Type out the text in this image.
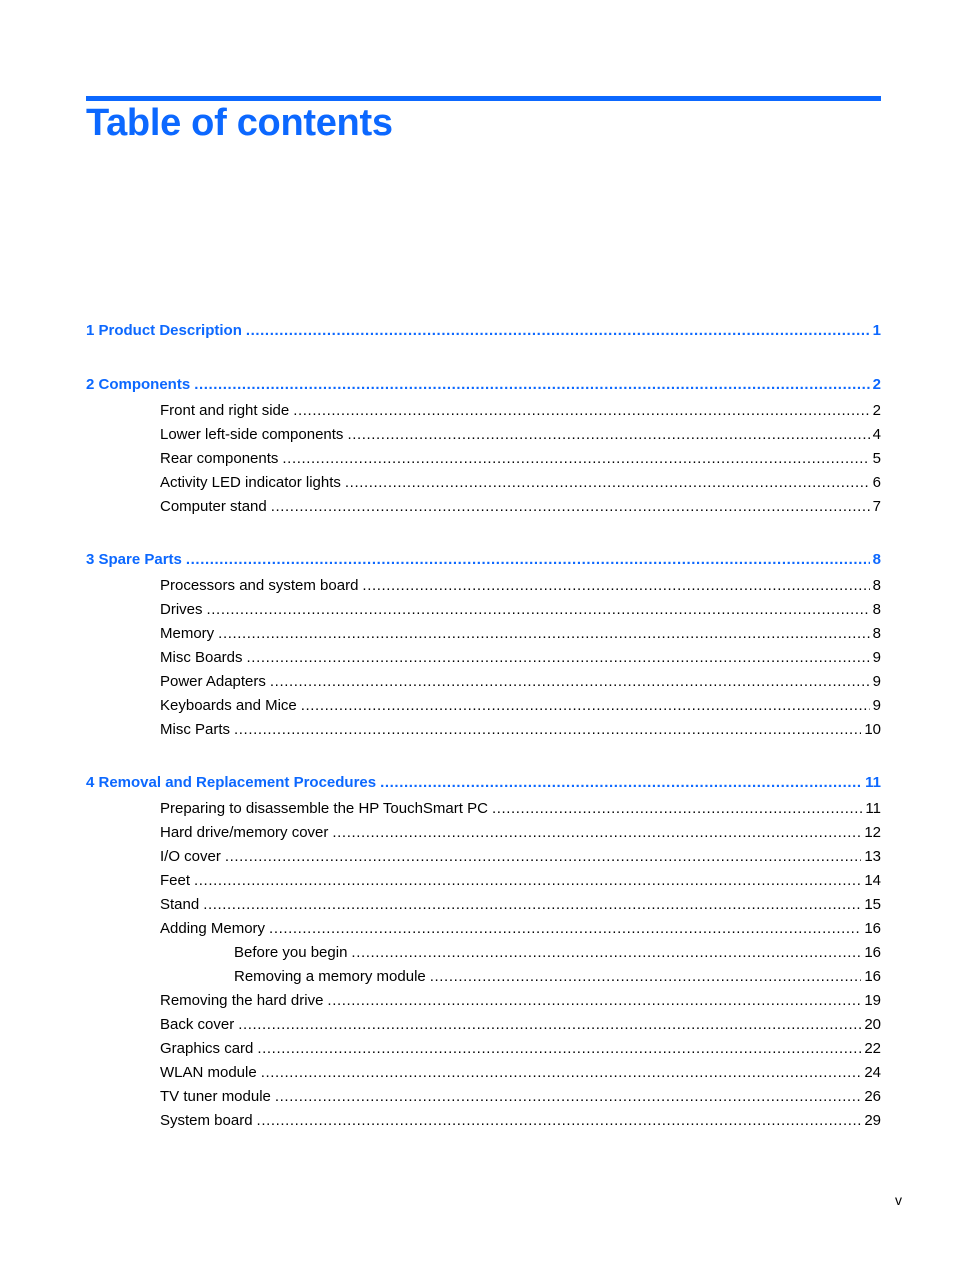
Table of contents
1 Product Description .....	1
2 Components .....	2
Front and right side .....	2
Lower left-side components .....	4
Rear components .....	5
Activity LED indicator lights .....	6
Computer stand .....	7
3 Spare Parts .....	8
Processors and system board .....	8
Drives .....	8
Memory .....	8
Misc Boards .....	9
Power Adapters .....	9
Keyboards and Mice .....	9
Misc Parts .....	10
4 Removal and Replacement Procedures .....	11
Preparing to disassemble the HP TouchSmart PC .....	11
Hard drive/memory cover .....	12
I/O cover .....	13
Feet .....	14
Stand .....	15
Adding Memory .....	16
Before you begin .....	16
Removing a memory module .....	16
Removing the hard drive .....	19
Back cover .....	20
Graphics card .....	22
WLAN module .....	24
TV tuner module .....	26
System board .....	29
v
